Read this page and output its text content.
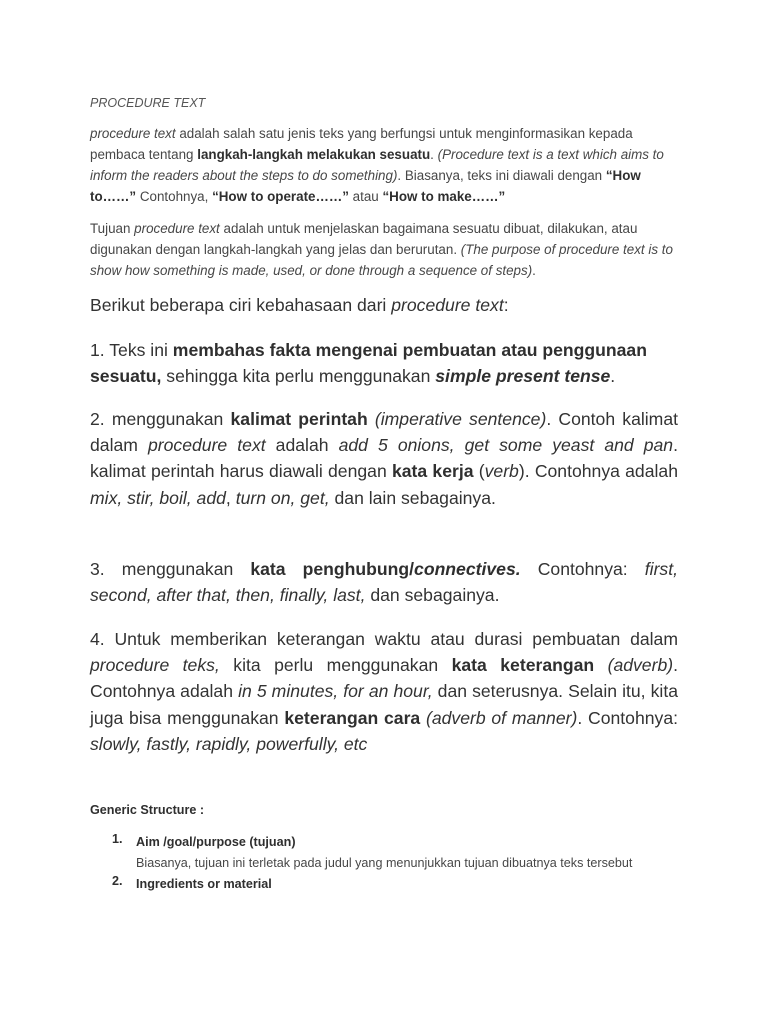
PROCEDURE TEXT

procedure text adalah salah satu jenis teks yang berfungsi untuk menginformasikan kepada pembaca tentang langkah-langkah melakukan sesuatu. (Procedure text is a text which aims to inform the readers about the steps to do something). Biasanya, teks ini diawali dengan “How to……” Contohnya, “How to operate……” atau “How to make……”

Tujuan procedure text adalah untuk menjelaskan bagaimana sesuatu dibuat, dilakukan, atau digunakan dengan langkah-langkah yang jelas dan berurutan. (The purpose of procedure text is to show how something is made, used, or done through a sequence of steps).

Berikut beberapa ciri kebahasaan dari procedure text:

1. Teks ini membahas fakta mengenai pembuatan atau penggunaan sesuatu, sehingga kita perlu menggunakan simple present tense.

2. menggunakan kalimat perintah (imperative sentence). Contoh kalimat dalam procedure text adalah add 5 onions, get some yeast and pan. kalimat perintah harus diawali dengan kata kerja (verb). Contohnya adalah mix, stir, boil, add, turn on, get, dan lain sebagainya.

3. menggunakan kata penghubung/connectives. Contohnya: first, second, after that, then, finally, last, dan sebagainya.

4. Untuk memberikan keterangan waktu atau durasi pembuatan dalam procedure teks, kita perlu menggunakan kata keterangan (adverb). Contohnya adalah in 5 minutes, for an hour, dan seterusnya. Selain itu, kita juga bisa menggunakan keterangan cara (adverb of manner). Contohnya: slowly, fastly, rapidly, powerfully, etc

Generic Structure :

1. Aim /goal/purpose (tujuan)
Biasanya, tujuan ini terletak pada judul yang menunjukkan tujuan dibuatnya teks tersebut
2. Ingredients or material
